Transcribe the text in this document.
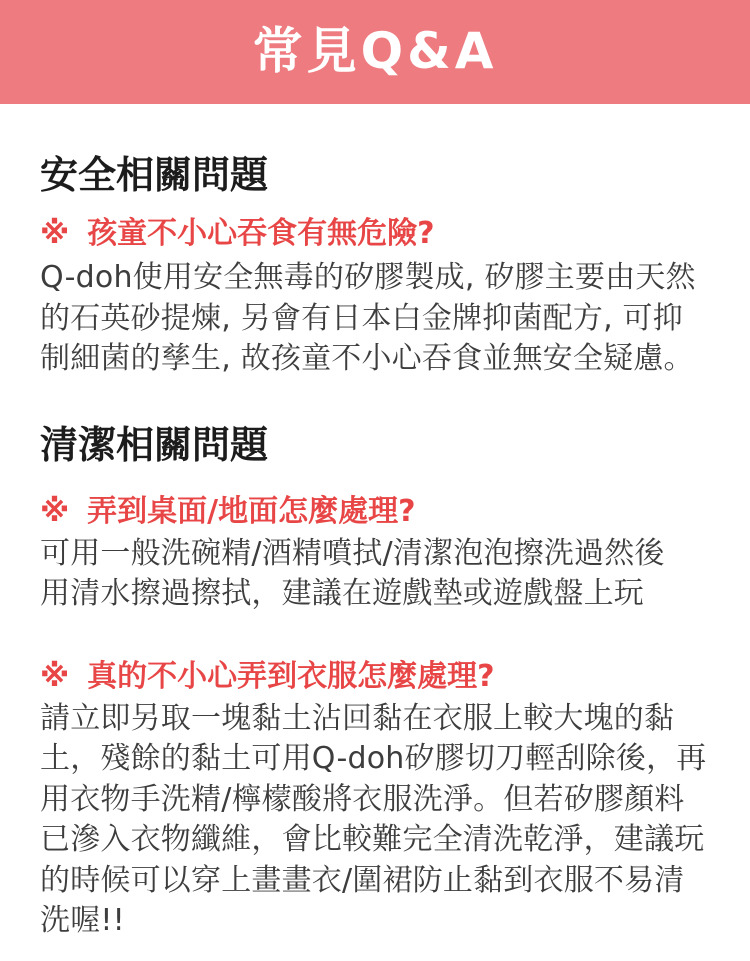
常見Q&A
安全相關問題

※ 孩童不小心吞食有無危險?

Q-doh使用安全無毒的矽膠製成, 矽膠主要由天然
的石英砂提煉, 另會有日本白金牌抑菌配方, 可抑
制細菌的孳生, 故孩童不小心吞食並無安全疑慮。

清潔相關問題

※ 弄到桌面/地面怎麼處理?

可用一般洗碗精/酒精噴拭/清潔泡泡擦洗過然後
用清水擦過擦拭，建議在遊戲墊或遊戲盤上玩

※ 真的不小心弄到衣服怎麼處理?

請立即另取一塊黏土沾回黏在衣服上較大塊的黏
土，殘餘的黏土可用Q-doh矽膠切刀輕刮除後，再
用衣物手洗精/檸檬酸將衣服洗淨。但若矽膠顏料
已滲入衣物纖維，會比較難完全清洗乾淨，建議玩
的時候可以穿上畫畫衣/圍裙防止黏到衣服不易清
洗喔!!
